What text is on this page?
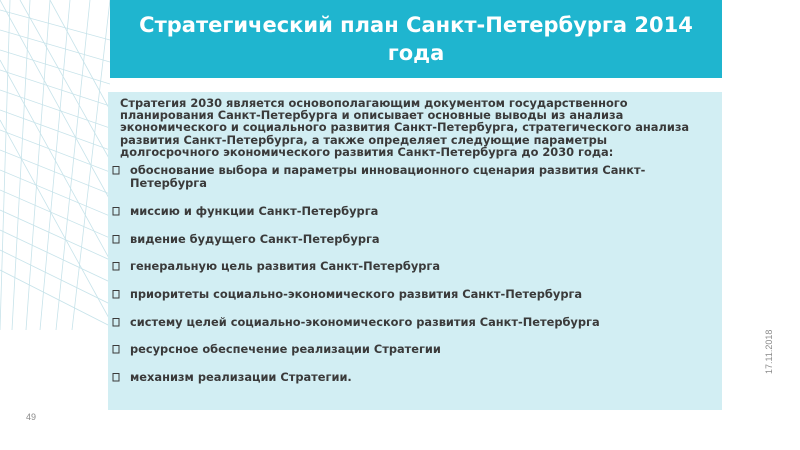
Стратегический план Санкт-Петербурга 2014 года

Стратегия 2030 является основополагающим документом государственного планирования Санкт-Петербурга и описывает основные выводы из анализа экономического и социального развития Санкт-Петербурга, стратегического анализа развития Санкт-Петербурга, а также определяет следующие параметры долгосрочного экономического развития Санкт-Петербурга до 2030 года:

обоснование выбора и параметры инновационного сценария развития Санкт-Петербурга
миссию и функции Санкт-Петербурга
видение будущего Санкт-Петербурга
генеральную цель развития Санкт-Петербурга
приоритеты социально-экономического развития Санкт-Петербурга
систему целей социально-экономического развития Санкт-Петербурга
ресурсное обеспечение реализации Стратегии
механизм реализации Стратегии.
49
17.11.2018
